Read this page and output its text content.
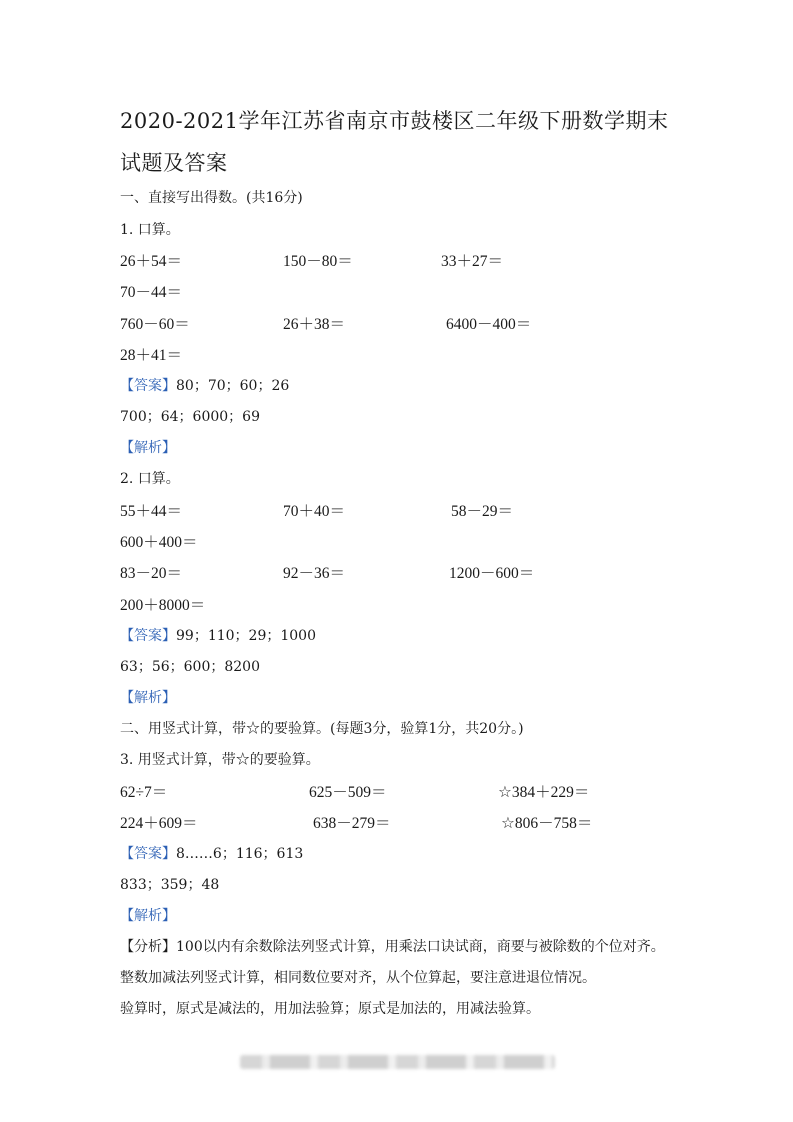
2020-2021学年江苏省南京市鼓楼区二年级下册数学期末试题及答案
一、直接写出得数。(共16分)
1. 口算。
26＋54＝	150－80＝	33＋27＝
70－44＝
760－60＝	26＋38＝	6400－400＝
28＋41＝
【答案】80；70；60；26
700；64；6000；69
【解析】
2. 口算。
55＋44＝	70＋40＝	58－29＝
600＋400＝
83－20＝	92－36＝	1200－600＝
200＋8000＝
【答案】99；110；29；1000
63；56；600；8200
【解析】
二、用竖式计算，带☆的要验算。(每题3分，验算1分，共20分。)
3. 用竖式计算，带☆的要验算。
62÷7＝	625－509＝	☆384＋229＝
224＋609＝	638－279＝	☆806－758＝
【答案】8……6；116；613
833；359；48
【解析】
【分析】100以内有余数除法列竖式计算，用乘法口诀试商，商要与被除数的个位对齐。
整数加减法列竖式计算，相同数位要对齐，从个位算起，要注意进退位情况。
验算时，原式是减法的，用加法验算；原式是加法的，用减法验算。
